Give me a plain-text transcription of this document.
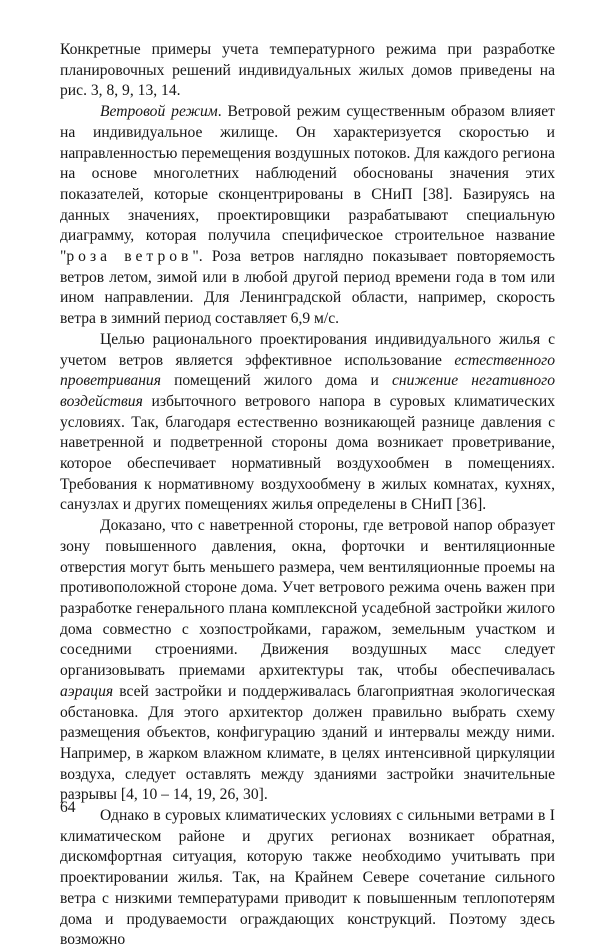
Конкретные примеры учета температурного режима при разработке планировочных решений индивидуальных жилых домов приведены на рис. 3, 8, 9, 13, 14.

Ветровой режим. Ветровой режим существенным образом влияет на индивидуальное жилище. Он характеризуется скоростью и направленностью перемещения воздушных потоков. Для каждого региона на основе многолетних наблюдений обоснованы значения этих показателей, которые сконцентрированы в СНиП [38]. Базируясь на данных значениях, проектировщики разрабатывают специальную диаграмму, которая получила специфическое строительное название "роза ветров". Роза ветров наглядно показывает повторяемость ветров летом, зимой или в любой другой период времени года в том или ином направлении. Для Ленинградской области, например, скорость ветра в зимний период составляет 6,9 м/с.

Целью рационального проектирования индивидуального жилья с учетом ветров является эффективное использование естественного проветривания помещений жилого дома и снижение негативного воздействия избыточного ветрового напора в суровых климатических условиях. Так, благодаря естественно возникающей разнице давления с наветренной и подветренной стороны дома возникает проветривание, которое обеспечивает нормативный воздухообмен в помещениях. Требования к нормативному воздухообмену в жилых комнатах, кухнях, санузлах и других помещениях жилья определены в СНиП [36].

Доказано, что с наветренной стороны, где ветровой напор образует зону повышенного давления, окна, форточки и вентиляционные отверстия могут быть меньшего размера, чем вентиляционные проемы на противоположной стороне дома. Учет ветрового режима очень важен при разработке генерального плана комплексной усадебной застройки жилого дома совместно с хозпостройками, гаражом, земельным участком и соседними строениями. Движения воздушных масс следует организовывать приемами архитектуры так, чтобы обеспечивалась аэрация всей застройки и поддерживалась благоприятная экологическая обстановка. Для этого архитектор должен правильно выбрать схему размещения объектов, конфигурацию зданий и интервалы между ними. Например, в жарком влажном климате, в целях интенсивной циркуляции воздуха, следует оставлять между зданиями застройки значительные разрывы [4, 10 – 14, 19, 26, 30].

Однако в суровых климатических условиях с сильными ветрами в I климатическом районе и других регионах возникает обратная, дискомфортная ситуация, которую также необходимо учитывать при проектировании жилья. Так, на Крайнем Севере сочетание сильного ветра с низкими температурами приводит к повышенным теплопотерям дома и продуваемости ограждающих конструкций. Поэтому здесь возможно

64
